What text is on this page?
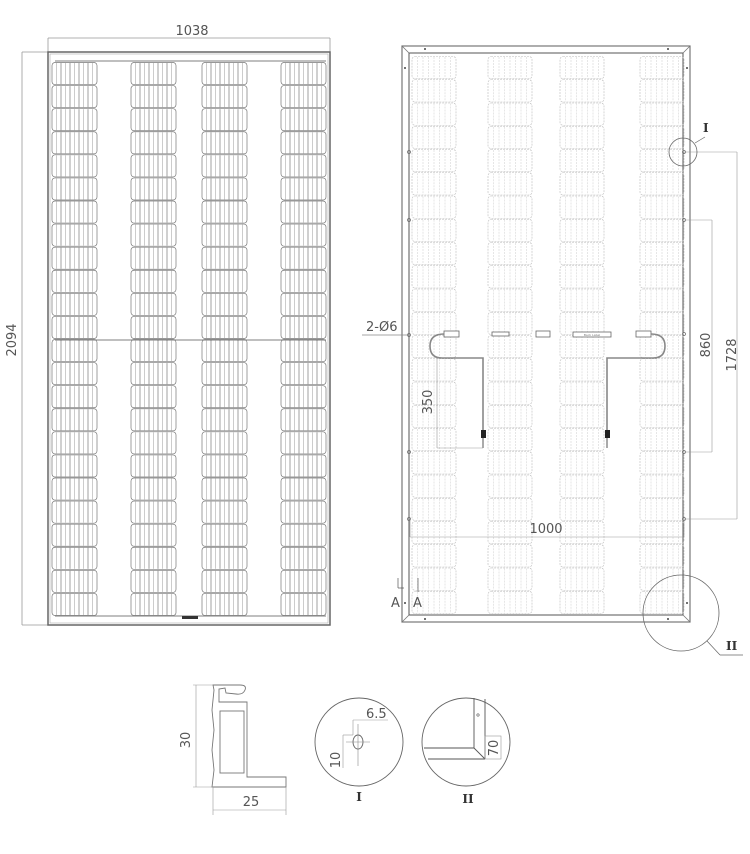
1038
2094	Back Label
350
2-Ø6
860 1728
1000
A A
I
II
30
25
6.5
10
I
70
II
